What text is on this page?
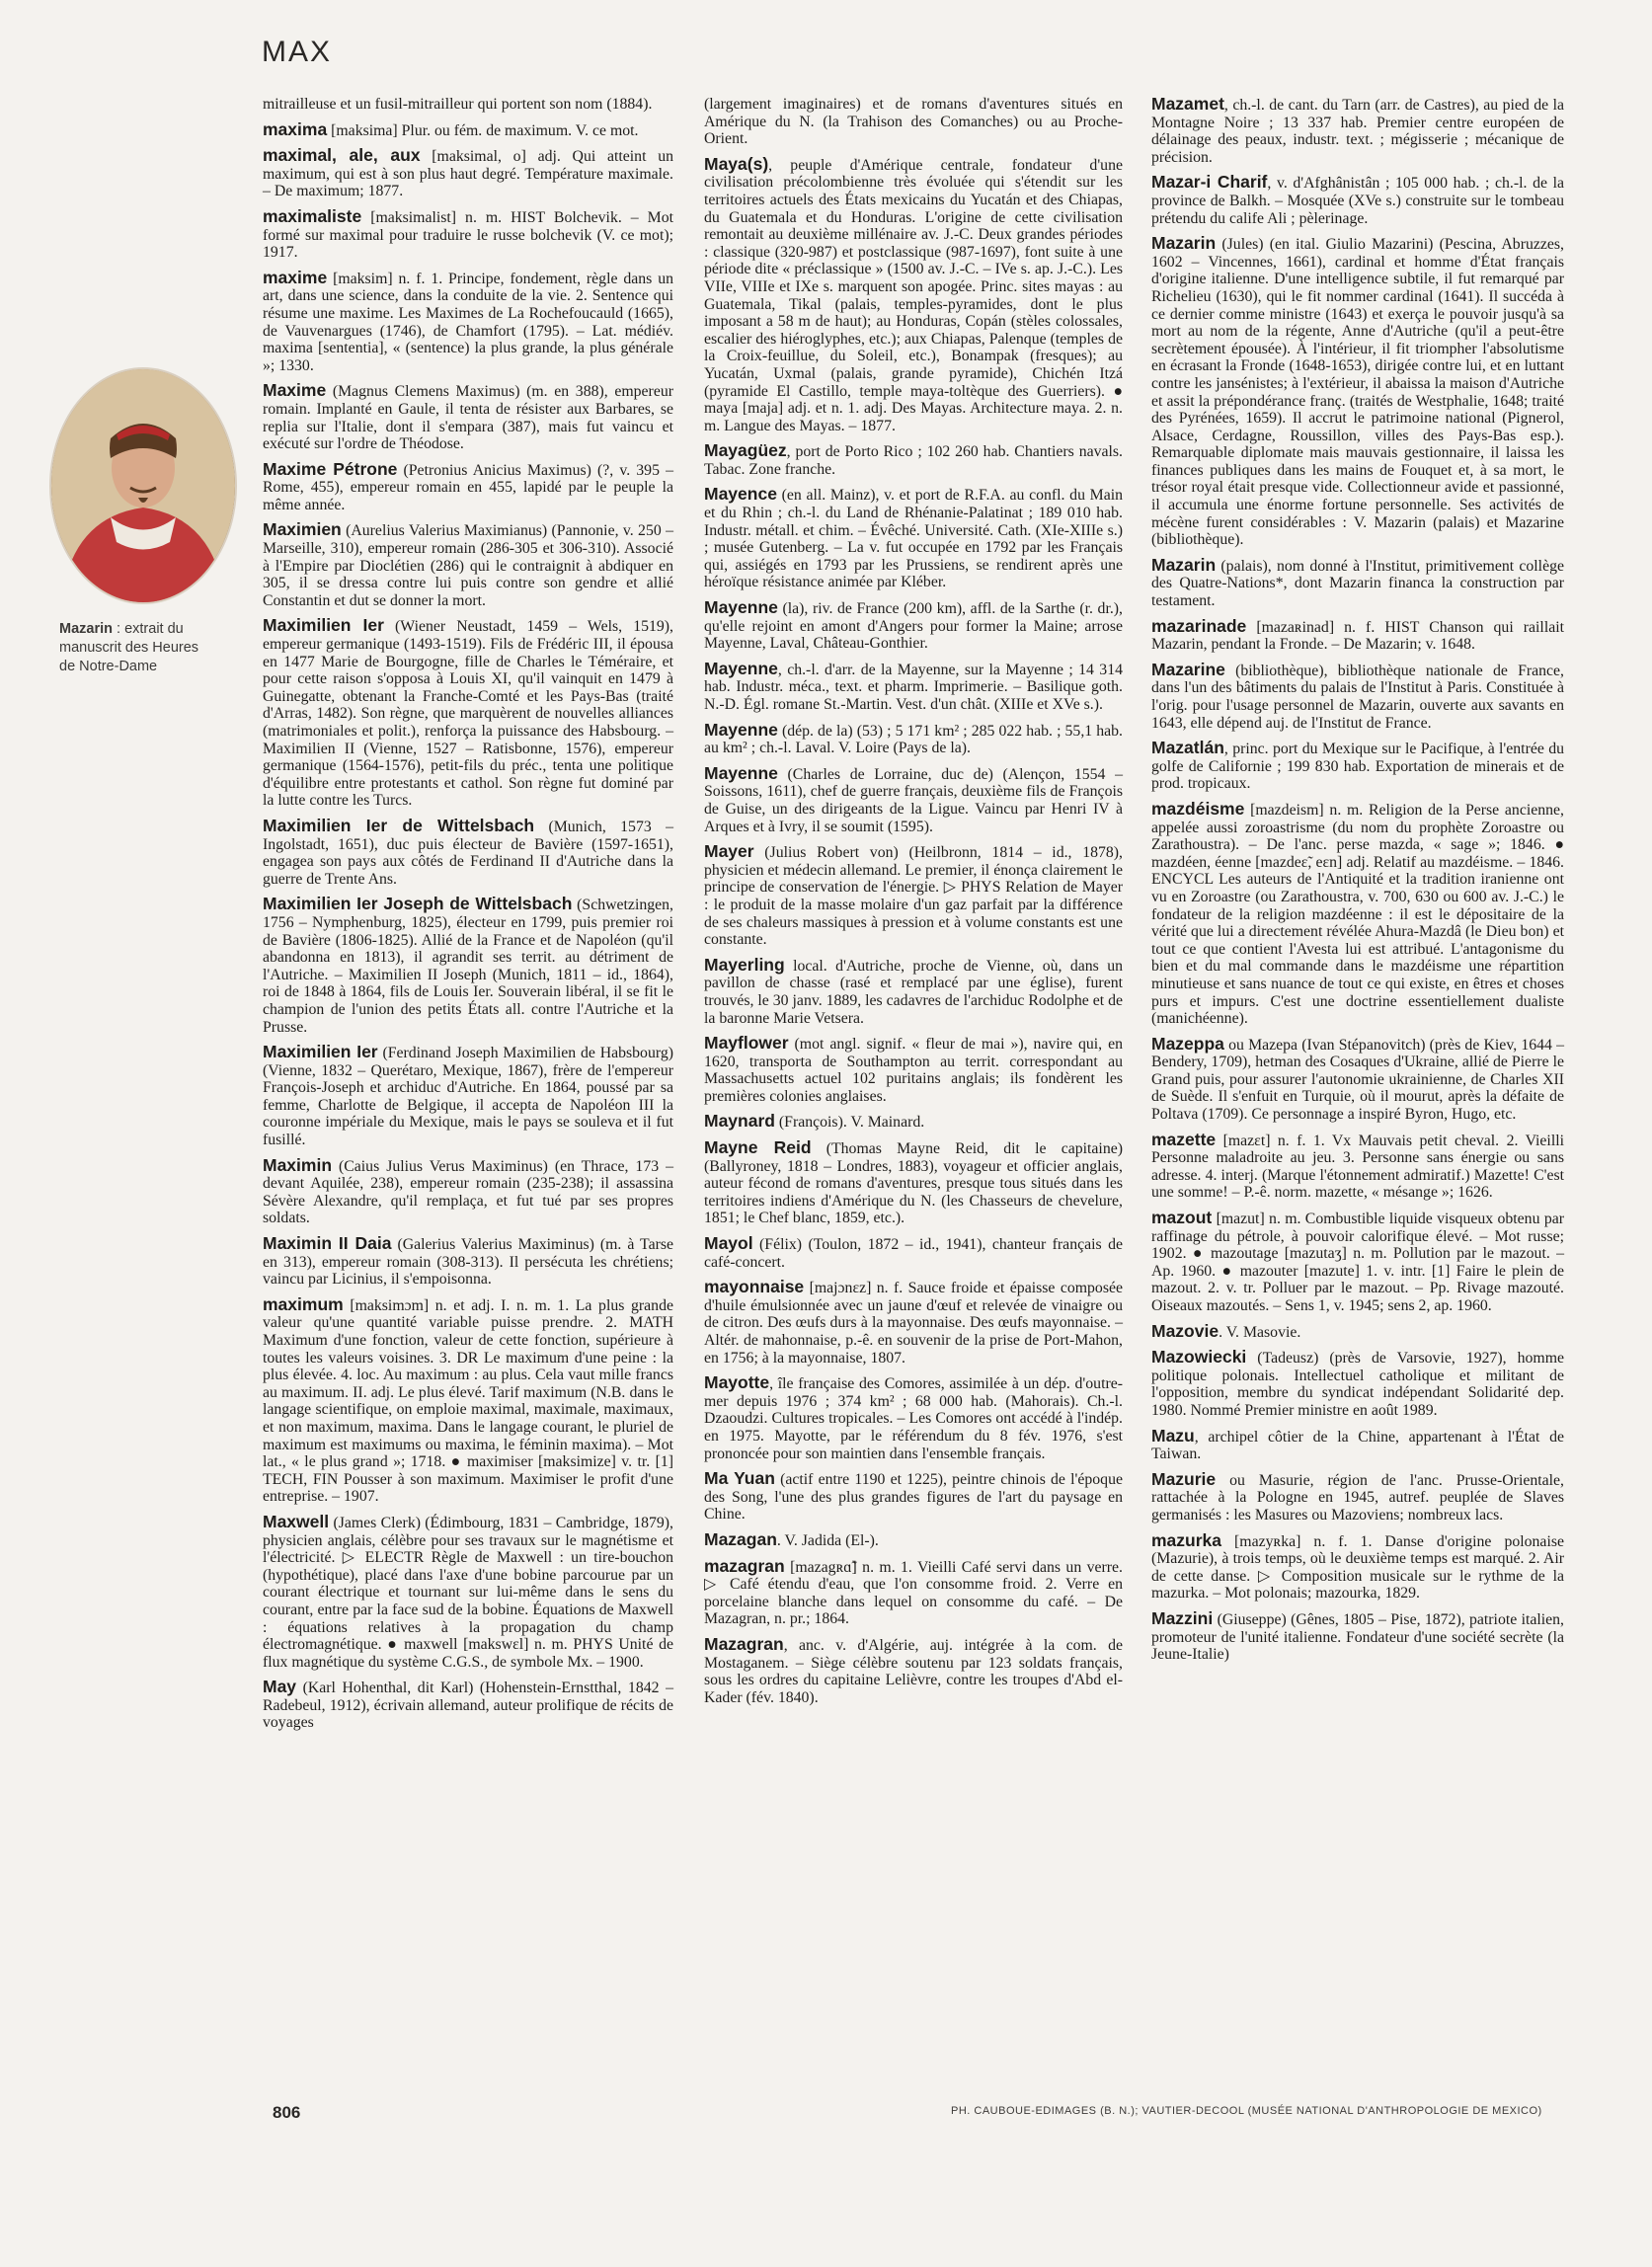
MAX
Mazarin : extrait du manuscrit des Heures de Notre-Dame
mitrailleuse et un fusil-mitrailleur qui portent son nom (1884).
maxima [maksima] Plur. ou fém. de maximum. V. ce mot.
maximal, ale, aux [maksimal, o] adj. Qui atteint un maximum, qui est à son plus haut degré. Température maximale. – De maximum; 1877.
maximaliste [maksimalist] n. m. HIST Bolchevik. – Mot formé sur maximal pour traduire le russe bolchevik (V. ce mot); 1917.
maxime [maksim] n. f. 1. Principe, fondement, règle dans un art, dans une science, dans la conduite de la vie. 2. Sentence qui résume une maxime. Les Maximes de La Rochefoucauld (1665), de Vauvenargues (1746), de Chamfort (1795). – Lat. médiév. maxima [sententia], « (sentence) la plus grande, la plus générale »; 1330.
Maxime (Magnus Clemens Maximus) (m. en 388), empereur romain. Implanté en Gaule, il tenta de résister aux Barbares, se replia sur l'Italie, dont il s'empara (387), mais fut vaincu et exécuté sur l'ordre de Théodose.
Maxime Pétrone (Petronius Anicius Maximus) (?, v. 395 – Rome, 455), empereur romain en 455, lapidé par le peuple la même année.
Maximien (Aurelius Valerius Maximianus) (Pannonie, v. 250 – Marseille, 310), empereur romain (286-305 et 306-310). Associé à l'Empire par Dioclétien (286) qui le contraignit à abdiquer en 305, il se dressa contre lui puis contre son gendre et allié Constantin et dut se donner la mort.
Maximilien Ier (Wiener Neustadt, 1459 – Wels, 1519), empereur germanique (1493-1519). Fils de Frédéric III, il épousa en 1477 Marie de Bourgogne, fille de Charles le Téméraire, et pour cette raison s'opposa à Louis XI, qu'il vainquit en 1479 à Guinegatte, obtenant la Franche-Comté et les Pays-Bas (traité d'Arras, 1482). Son règne, que marquèrent de nouvelles alliances (matrimoniales et polit.), renforça la puissance des Habsbourg. – Maximilien II (Vienne, 1527 – Ratisbonne, 1576), empereur germanique (1564-1576), petit-fils du préc., tenta une politique d'équilibre entre protestants et cathol. Son règne fut dominé par la lutte contre les Turcs.
Maximilien Ier de Wittelsbach (Munich, 1573 – Ingolstadt, 1651), duc puis électeur de Bavière (1597-1651), engagea son pays aux côtés de Ferdinand II d'Autriche dans la guerre de Trente Ans.
Maximilien Ier Joseph de Wittelsbach (Schwetzingen, 1756 – Nymphenburg, 1825), électeur en 1799, puis premier roi de Bavière (1806-1825). Allié de la France et de Napoléon (qu'il abandonna en 1813), il agrandit ses territ. au détriment de l'Autriche. – Maximilien II Joseph (Munich, 1811 – id., 1864), roi de 1848 à 1864, fils de Louis Ier. Souverain libéral, il se fit le champion de l'union des petits États all. contre l'Autriche et la Prusse.
Maximilien Ier (Ferdinand Joseph Maximilien de Habsbourg) (Vienne, 1832 – Querétaro, Mexique, 1867), frère de l'empereur François-Joseph et archiduc d'Autriche. En 1864, poussé par sa femme, Charlotte de Belgique, il accepta de Napoléon III la couronne impériale du Mexique, mais le pays se souleva et il fut fusillé.
Maximin (Caius Julius Verus Maximinus) (en Thrace, 173 – devant Aquilée, 238), empereur romain (235-238); il assassina Sévère Alexandre, qu'il remplaça, et fut tué par ses propres soldats.
Maximin II Daia (Galerius Valerius Maximinus) (m. à Tarse en 313), empereur romain (308-313). Il persécuta les chrétiens; vaincu par Licinius, il s'empoisonna.
maximum [maksimɔm] n. et adj. I. n. m. 1. La plus grande valeur qu'une quantité variable puisse prendre. 2. MATH Maximum d'une fonction, valeur de cette fonction, supérieure à toutes les valeurs voisines. 3. DR Le maximum d'une peine : la plus élevée. 4. loc. Au maximum : au plus. Cela vaut mille francs au maximum. II. adj. Le plus élevé. Tarif maximum (N.B. dans le langage scientifique, on emploie maximal, maximale, maximaux, et non maximum, maxima. Dans le langage courant, le pluriel de maximum est maximums ou maxima, le féminin maxima). – Mot lat., « le plus grand »; 1718. ● maximiser [maksimize] v. tr. [1] TECH, FIN Pousser à son maximum. Maximiser le profit d'une entreprise. – 1907.
Maxwell (James Clerk) (Édimbourg, 1831 – Cambridge, 1879), physicien anglais, célèbre pour ses travaux sur le magnétisme et l'électricité. ▷ ELECTR Règle de Maxwell : un tire-bouchon (hypothétique), placé dans l'axe d'une bobine parcourue par un courant électrique et tournant sur lui-même dans le sens du courant, entre par la face sud de la bobine. Équations de Maxwell : équations relatives à la propagation du champ électromagnétique. ● maxwell [makswɛl] n. m. PHYS Unité de flux magnétique du système C.G.S., de symbole Mx. – 1900.
May (Karl Hohenthal, dit Karl) (Hohenstein-Ernstthal, 1842 – Radebeul, 1912), écrivain allemand, auteur prolifique de récits de voyages
(largement imaginaires) et de romans d'aventures situés en Amérique du N. (la Trahison des Comanches) ou au Proche-Orient.
Maya(s), peuple d'Amérique centrale, fondateur d'une civilisation précolombienne très évoluée qui s'étendit sur les territoires actuels des États mexicains du Yucatán et des Chiapas, du Guatemala et du Honduras. L'origine de cette civilisation remontait au deuxième millénaire av. J.-C. Deux grandes périodes : classique (320-987) et postclassique (987-1697), font suite à une période dite « préclassique » (1500 av. J.-C. – IVe s. ap. J.-C.). Les VIIe, VIIIe et IXe s. marquent son apogée. Princ. sites mayas : au Guatemala, Tikal (palais, temples-pyramides, dont le plus imposant a 58 m de haut); au Honduras, Copán (stèles colossales, escalier des hiéroglyphes, etc.); aux Chiapas, Palenque (temples de la Croix-feuillue, du Soleil, etc.), Bonampak (fresques); au Yucatán, Uxmal (palais, grande pyramide), Chichén Itzá (pyramide El Castillo, temple maya-toltèque des Guerriers). ● maya [maja] adj. et n. 1. adj. Des Mayas. Architecture maya. 2. n. m. Langue des Mayas. – 1877.
Mayagüez, port de Porto Rico ; 102 260 hab. Chantiers navals. Tabac. Zone franche.
Mayence (en all. Mainz), v. et port de R.F.A. au confl. du Main et du Rhin ; ch.-l. du Land de Rhénanie-Palatinat ; 189 010 hab. Industr. métall. et chim. – Évêché. Université. Cath. (XIe-XIIIe s.) ; musée Gutenberg. – La v. fut occupée en 1792 par les Français qui, assiégés en 1793 par les Prussiens, se rendirent après une héroïque résistance animée par Kléber.
Mayenne (la), riv. de France (200 km), affl. de la Sarthe (r. dr.), qu'elle rejoint en amont d'Angers pour former la Maine; arrose Mayenne, Laval, Château-Gonthier.
Mayenne, ch.-l. d'arr. de la Mayenne, sur la Mayenne ; 14 314 hab. Industr. méca., text. et pharm. Imprimerie. – Basilique goth. N.-D. Égl. romane St.-Martin. Vest. d'un chât. (XIIIe et XVe s.).
Mayenne (dép. de la) (53) ; 5 171 km² ; 285 022 hab. ; 55,1 hab. au km² ; ch.-l. Laval. V. Loire (Pays de la).
Mayenne (Charles de Lorraine, duc de) (Alençon, 1554 – Soissons, 1611), chef de guerre français, deuxième fils de François de Guise, un des dirigeants de la Ligue. Vaincu par Henri IV à Arques et à Ivry, il se soumit (1595).
Mayer (Julius Robert von) (Heilbronn, 1814 – id., 1878), physicien et médecin allemand. Le premier, il énonça clairement le principe de conservation de l'énergie. ▷ PHYS Relation de Mayer : le produit de la masse molaire d'un gaz parfait par la différence de ses chaleurs massiques à pression et à volume constants est une constante.
Mayerling local. d'Autriche, proche de Vienne, où, dans un pavillon de chasse (rasé et remplacé par une église), furent trouvés, le 30 janv. 1889, les cadavres de l'archiduc Rodolphe et de la baronne Marie Vetsera.
Mayflower (mot angl. signif. « fleur de mai »), navire qui, en 1620, transporta de Southampton au territ. correspondant au Massachusetts actuel 102 puritains anglais; ils fondèrent les premières colonies anglaises.
Maynard (François). V. Mainard.
Mayne Reid (Thomas Mayne Reid, dit le capitaine) (Ballyroney, 1818 – Londres, 1883), voyageur et officier anglais, auteur fécond de romans d'aventures, presque tous situés dans les territoires indiens d'Amérique du N. (les Chasseurs de chevelure, 1851; le Chef blanc, 1859, etc.).
Mayol (Félix) (Toulon, 1872 – id., 1941), chanteur français de café-concert.
mayonnaise [majɔnɛz] n. f. Sauce froide et épaisse composée d'huile émulsionnée avec un jaune d'œuf et relevée de vinaigre ou de citron. Des œufs durs à la mayonnaise. Des œufs mayonnaise. – Altér. de mahonnaise, p.-ê. en souvenir de la prise de Port-Mahon, en 1756; à la mayonnaise, 1807.
Mayotte, île française des Comores, assimilée à un dép. d'outre-mer depuis 1976 ; 374 km² ; 68 000 hab. (Mahorais). Ch.-l. Dzaoudzi. Cultures tropicales. – Les Comores ont accédé à l'indép. en 1975. Mayotte, par le référendum du 8 fév. 1976, s'est prononcée pour son maintien dans l'ensemble français.
Ma Yuan (actif entre 1190 et 1225), peintre chinois de l'époque des Song, l'une des plus grandes figures de l'art du paysage en Chine.
Mazagan. V. Jadida (El-).
mazagran [mazagʀɑ̃] n. m. 1. Vieilli Café servi dans un verre. ▷ Café étendu d'eau, que l'on consomme froid. 2. Verre en porcelaine blanche dans lequel on consomme du café. – De Mazagran, n. pr.; 1864.
Mazagran, anc. v. d'Algérie, auj. intégrée à la com. de Mostaganem. – Siège célèbre soutenu par 123 soldats français, sous les ordres du capitaine Lelièvre, contre les troupes d'Abd el-Kader (fév. 1840).
Mazamet, ch.-l. de cant. du Tarn (arr. de Castres), au pied de la Montagne Noire ; 13 337 hab. Premier centre européen de délainage des peaux, industr. text. ; mégisserie ; mécanique de précision.
Mazar-i Charif, v. d'Afghânistân ; 105 000 hab. ; ch.-l. de la province de Balkh. – Mosquée (XVe s.) construite sur le tombeau prétendu du calife Ali ; pèlerinage.
Mazarin (Jules) (en ital. Giulio Mazarini) (Pescina, Abruzzes, 1602 – Vincennes, 1661), cardinal et homme d'État français d'origine italienne. D'une intelligence subtile, il fut remarqué par Richelieu (1630), qui le fit nommer cardinal (1641). Il succéda à ce dernier comme ministre (1643) et exerça le pouvoir jusqu'à sa mort au nom de la régente, Anne d'Autriche (qu'il a peut-être secrètement épousée). À l'intérieur, il fit triompher l'absolutisme en écrasant la Fronde (1648-1653), dirigée contre lui, et en luttant contre les jansénistes; à l'extérieur, il abaissa la maison d'Autriche et assit la prépondérance franç. (traités de Westphalie, 1648; traité des Pyrénées, 1659). Il accrut le patrimoine national (Pignerol, Alsace, Cerdagne, Roussillon, villes des Pays-Bas esp.). Remarquable diplomate mais mauvais gestionnaire, il laissa les finances publiques dans les mains de Fouquet et, à sa mort, le trésor royal était presque vide. Collectionneur avide et passionné, il accumula une énorme fortune personnelle. Ses activités de mécène furent considérables : V. Mazarin (palais) et Mazarine (bibliothèque).
Mazarin (palais), nom donné à l'Institut, primitivement collège des Quatre-Nations*, dont Mazarin financa la construction par testament.
mazarinade [mazaʀinad] n. f. HIST Chanson qui raillait Mazarin, pendant la Fronde. – De Mazarin; v. 1648.
Mazarine (bibliothèque), bibliothèque nationale de France, dans l'un des bâtiments du palais de l'Institut à Paris. Constituée à l'orig. pour l'usage personnel de Mazarin, ouverte aux savants en 1643, elle dépend auj. de l'Institut de France.
Mazatlán, princ. port du Mexique sur le Pacifique, à l'entrée du golfe de Californie ; 199 830 hab. Exportation de minerais et de prod. tropicaux.
mazdéisme [mazdeism] n. m. Religion de la Perse ancienne, appelée aussi zoroastrisme (du nom du prophète Zoroastre ou Zarathoustra). – De l'anc. perse mazda, « sage »; 1846. ● mazdéen, éenne [mazdeɛ̃, eɛn] adj. Relatif au mazdéisme. – 1846. ENCYCL Les auteurs de l'Antiquité et la tradition iranienne ont vu en Zoroastre (ou Zarathoustra, v. 700, 630 ou 600 av. J.-C.) le fondateur de la religion mazdéenne : il est le dépositaire de la vérité que lui a directement révélée Ahura-Mazdâ (le Dieu bon) et tout ce que contient l'Avesta lui est attribué. L'antagonisme du bien et du mal commande dans le mazdéisme une répartition minutieuse et sans nuance de tout ce qui existe, en êtres et choses purs et impurs. C'est une doctrine essentiellement dualiste (manichéenne).
Mazeppa ou Mazepa (Ivan Stépanovitch) (près de Kiev, 1644 – Bendery, 1709), hetman des Cosaques d'Ukraine, allié de Pierre le Grand puis, pour assurer l'autonomie ukrainienne, de Charles XII de Suède. Il s'enfuit en Turquie, où il mourut, après la défaite de Poltava (1709). Ce personnage a inspiré Byron, Hugo, etc.
mazette [mazɛt] n. f. 1. Vx Mauvais petit cheval. 2. Vieilli Personne maladroite au jeu. 3. Personne sans énergie ou sans adresse. 4. interj. (Marque l'étonnement admiratif.) Mazette! C'est une somme! – P.-ê. norm. mazette, « mésange »; 1626.
mazout [mazut] n. m. Combustible liquide visqueux obtenu par raffinage du pétrole, à pouvoir calorifique élevé. – Mot russe; 1902. ● mazoutage [mazutaʒ] n. m. Pollution par le mazout. – Ap. 1960. ● mazouter [mazute] 1. v. intr. [1] Faire le plein de mazout. 2. v. tr. Polluer par le mazout. – Pp. Rivage mazouté. Oiseaux mazoutés. – Sens 1, v. 1945; sens 2, ap. 1960.
Mazovie. V. Masovie.
Mazowiecki (Tadeusz) (près de Varsovie, 1927), homme politique polonais. Intellectuel catholique et militant de l'opposition, membre du syndicat indépendant Solidarité dep. 1980. Nommé Premier ministre en août 1989.
Mazu, archipel côtier de la Chine, appartenant à l'État de Taiwan.
Mazurie ou Masurie, région de l'anc. Prusse-Orientale, rattachée à la Pologne en 1945, autref. peuplée de Slaves germanisés : les Masures ou Mazoviens; nombreux lacs.
mazurka [mazyʀka] n. f. 1. Danse d'origine polonaise (Mazurie), à trois temps, où le deuxième temps est marqué. 2. Air de cette danse. ▷ Composition musicale sur le rythme de la mazurka. – Mot polonais; mazourka, 1829.
Mazzini (Giuseppe) (Gênes, 1805 – Pise, 1872), patriote italien, promoteur de l'unité italienne. Fondateur d'une société secrète (la Jeune-Italie)
806	PH. CAUBOUE-EDIMAGES (B. N.); VAUTIER-DECOOL (MUSÉE NATIONAL D'ANTHROPOLOGIE DE MEXICO)
